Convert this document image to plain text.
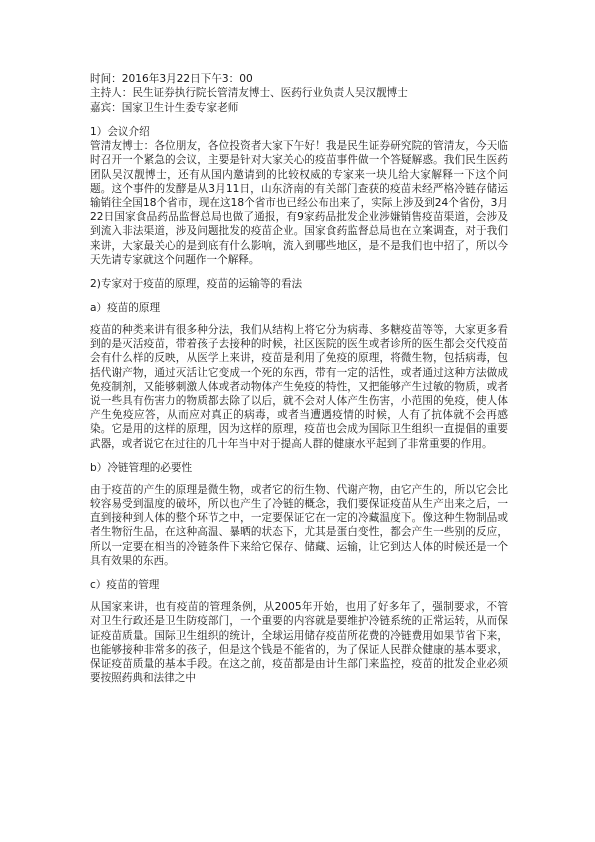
时间：2016年3月22日下午3：00
主持人：民生证券执行院长管清友博士、医药行业负责人吴汉靓博士
嘉宾：国家卫生计生委专家老师
1）会议介绍

管清友博士：各位朋友，各位投资者大家下午好！我是民生证券研究院的管清友，今天临时召开一个紧急的会议，主要是针对大家关心的疫苗事件做一个答疑解惑。我们民生医药团队吴汉靓博士，还有从国内邀请到的比较权威的专家来一块儿给大家解释一下这个问题。这个事件的发酵是从3月11日，山东济南的有关部门查获的疫苗未经严格冷链存储运输销往全国18个省市，现在这18个省市也已经公布出来了，实际上涉及到24个省份，3月22日国家食品药品监督总局也做了通报，有9家药品批发企业涉嫌销售疫苗渠道，会涉及到流入非法渠道，涉及问题批发的疫苗企业。国家食药监督总局也在立案调查，对于我们来讲，大家最关心的是到底有什么影响，流入到哪些地区，是不是我们也中招了，所以今天先请专家就这个问题作一个解释。

2)专家对于疫苗的原理，疫苗的运输等的看法
a）疫苗的原理

疫苗的种类来讲有很多种分法，我们从结构上将它分为病毒、多糖疫苗等等，大家更多看到的是灭活疫苗，带着孩子去接种的时候，社区医院的医生或者诊所的医生都会交代疫苗会有什么样的反映，从医学上来讲，疫苗是利用了免疫的原理，将微生物，包括病毒，包括代谢产物，通过灭活让它变成一个死的东西，带有一定的活性，或者通过这种方法做成免疫制剂，又能够刺激人体或者动物体产生免疫的特性，又把能够产生过敏的物质，或者说一些具有伤害力的物质都去除了以后，就不会对人体产生伤害，小范围的免疫，使人体产生免疫应答，从而应对真正的病毒，或者当遭遇疫情的时候，人有了抗体就不会再感染。它是用的这样的原理，因为这样的原理，疫苗也会成为国际卫生组织一直提倡的重要武器，或者说它在过往的几十年当中对于提高人群的健康水平起到了非常重要的作用。

b）冷链管理的必要性

由于疫苗的产生的原理是微生物，或者它的衍生物、代谢产物，由它产生的，所以它会比较容易受到温度的破坏，所以也产生了冷链的概念，我们要保证疫苗从生产出来之后，一直到接种到人体的整个环节之中，一定要保证它在一定的冷藏温度下。像这种生物制品或者生物衍生品，在这种高温、暴晒的状态下，尤其是蛋白变性，都会产生一些别的反应，所以一定要在相当的冷链条件下来给它保存、储藏、运输，让它到达人体的时候还是一个具有效果的东西。

c）疫苗的管理

从国家来讲，也有疫苗的管理条例，从2005年开始，也用了好多年了，强制要求，不管对卫生行政还是卫生防疫部门，一个重要的内容就是要维护冷链系统的正常运转，从而保证疫苗质量。国际卫生组织的统计，全球运用储存疫苗所花费的冷链费用如果节省下来，也能够接种非常多的孩子，但是这个钱是不能省的，为了保证人民群众健康的基本要求，保证疫苗质量的基本手段。在这之前，疫苗都是由计生部门来监控，疫苗的批发企业必须要按照药典和法律之中
